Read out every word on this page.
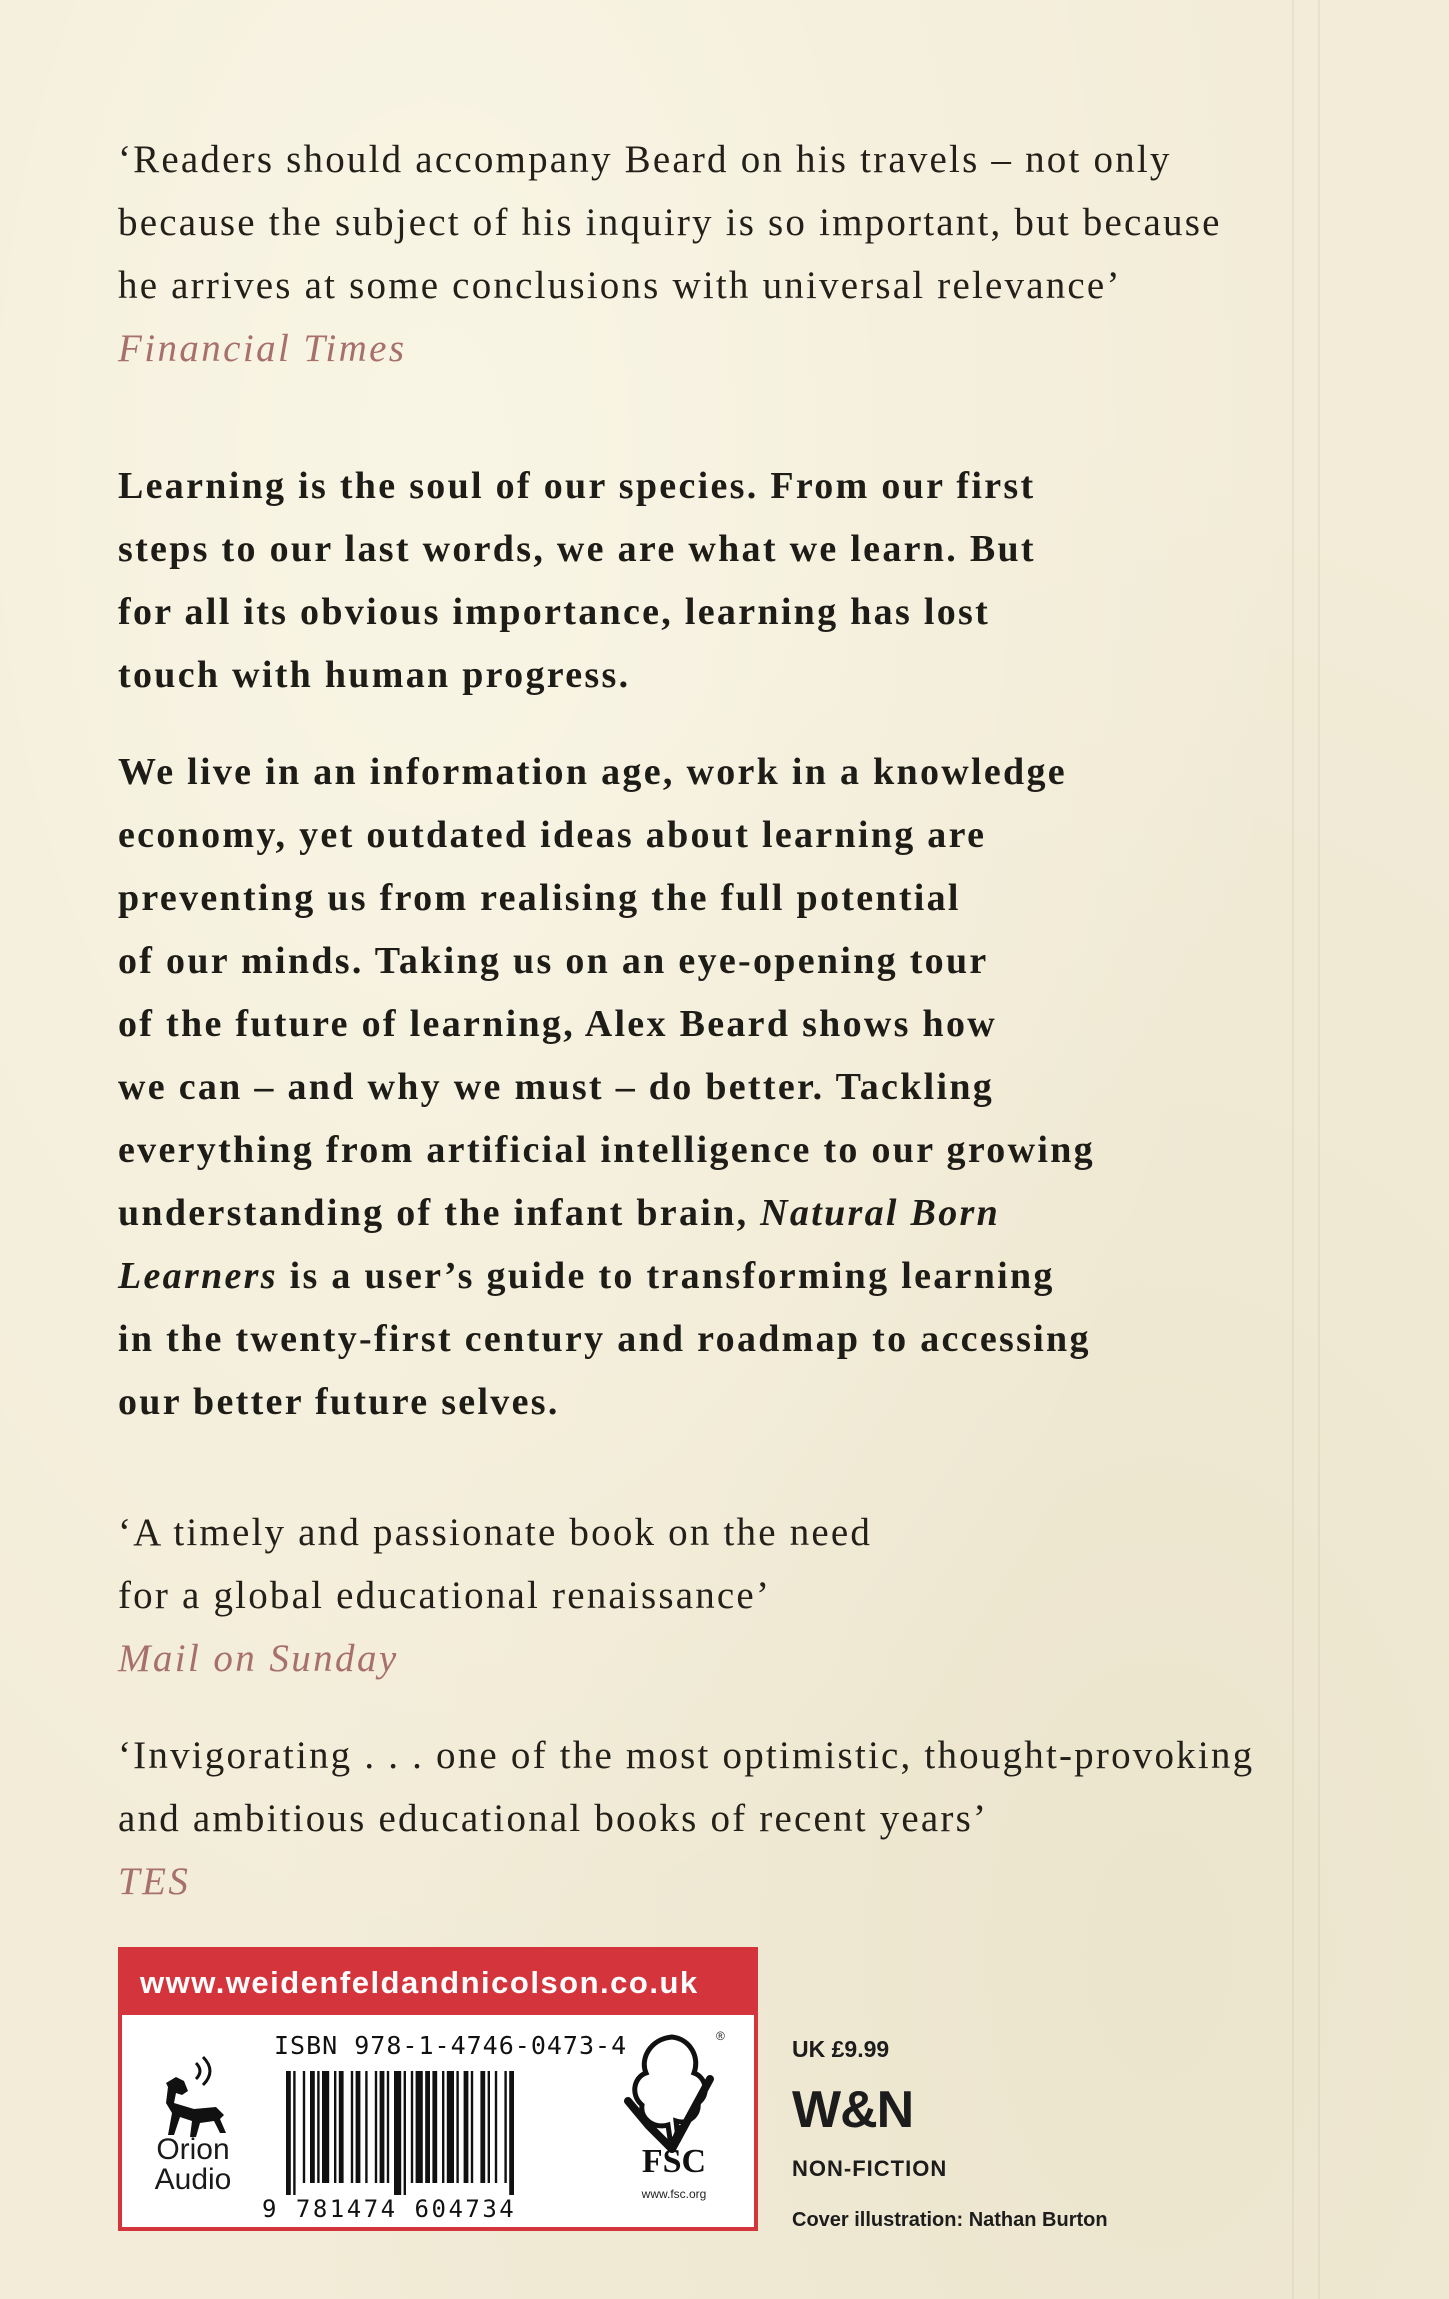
‘Readers should accompany Beard on his travels – not only
because the subject of his inquiry is so important, but because
he arrives at some conclusions with universal relevance’
Financial Times
Learning is the soul of our species. From our first
steps to our last words, we are what we learn. But
for all its obvious importance, learning has lost
touch with human progress.
We live in an information age, work in a knowledge
economy, yet outdated ideas about learning are
preventing us from realising the full potential
of our minds. Taking us on an eye-opening tour
of the future of learning, Alex Beard shows how
we can – and why we must – do better. Tackling
everything from artificial intelligence to our growing
understanding of the infant brain, Natural Born
Learners is a user’s guide to transforming learning
in the twenty-first century and roadmap to accessing
our better future selves.
‘A timely and passionate book on the need
for a global educational renaissance’
Mail on Sunday
‘Invigorating . . . one of the most optimistic, thought-provoking
and ambitious educational books of recent years’
TES
www.weidenfeldandnicolson.co.uk
Orion
Audio
ISBN 978-1-4746-0473-4
9 781474 604734
®
FSC
www.fsc.org
UK £9.99
W&N
NON-FICTION
Cover illustration: Nathan Burton
